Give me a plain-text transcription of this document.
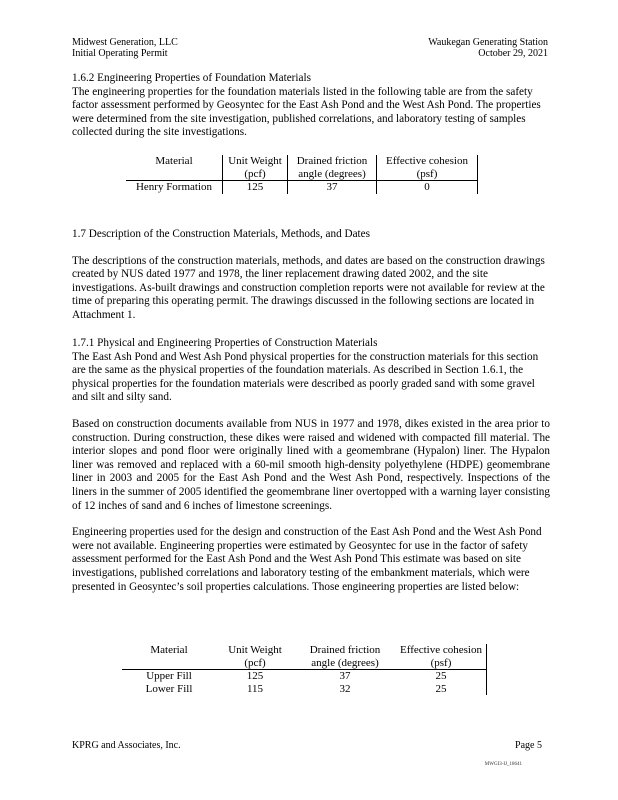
Midwest Generation, LLC
Initial Operating Permit
Waukegan Generating Station
October 29, 2021
1.6.2 Engineering Properties of Foundation Materials

The engineering properties for the foundation materials listed in the following table are from the safety factor assessment performed by Geosyntec for the East Ash Pond and the West Ash Pond. The properties were determined from the site investigation, published correlations, and laboratory testing of samples collected during the site investigations.

Material	Unit Weight (pcf)	Drained friction angle (degrees)	Effective cohesion (psf)
Henry Formation	125	37	0
1.7 Description of the Construction Materials, Methods, and Dates

The descriptions of the construction materials, methods, and dates are based on the construction drawings created by NUS dated 1977 and 1978, the liner replacement drawing dated 2002, and the site investigations. As-built drawings and construction completion reports were not available for review at the time of preparing this operating permit. The drawings discussed in the following sections are located in Attachment 1.

1.7.1 Physical and Engineering Properties of Construction Materials

The East Ash Pond and West Ash Pond physical properties for the construction materials for this section are the same as the physical properties of the foundation materials. As described in Section 1.6.1, the physical properties for the foundation materials were described as poorly graded sand with some gravel and silt and silty sand.

Based on construction documents available from NUS in 1977 and 1978, dikes existed in the area prior to construction. During construction, these dikes were raised and widened with compacted fill material. The interior slopes and pond floor were originally lined with a geomembrane (Hypalon) liner. The Hypalon liner was removed and replaced with a 60-mil smooth high-density polyethylene (HDPE) geomembrane liner in 2003 and 2005 for the East Ash Pond and the West Ash Pond, respectively. Inspections of the liners in the summer of 2005 identified the geomembrane liner overtopped with a warning layer consisting of 12 inches of sand and 6 inches of limestone screenings.

Engineering properties used for the design and construction of the East Ash Pond and the West Ash Pond were not available. Engineering properties were estimated by Geosyntec for use in the factor of safety assessment performed for the East Ash Pond and the West Ash Pond This estimate was based on site investigations, published correlations and laboratory testing of the embankment materials, which were presented in Geosyntec’s soil properties calculations. Those engineering properties are listed below:

Material	Unit Weight (pcf)	Drained friction angle (degrees)	Effective cohesion (psf)
Upper Fill	125	37	25
Lower Fill	115	32	25
KPRG and Associates, Inc.	Page 5
MWGI3-IJ_18641
